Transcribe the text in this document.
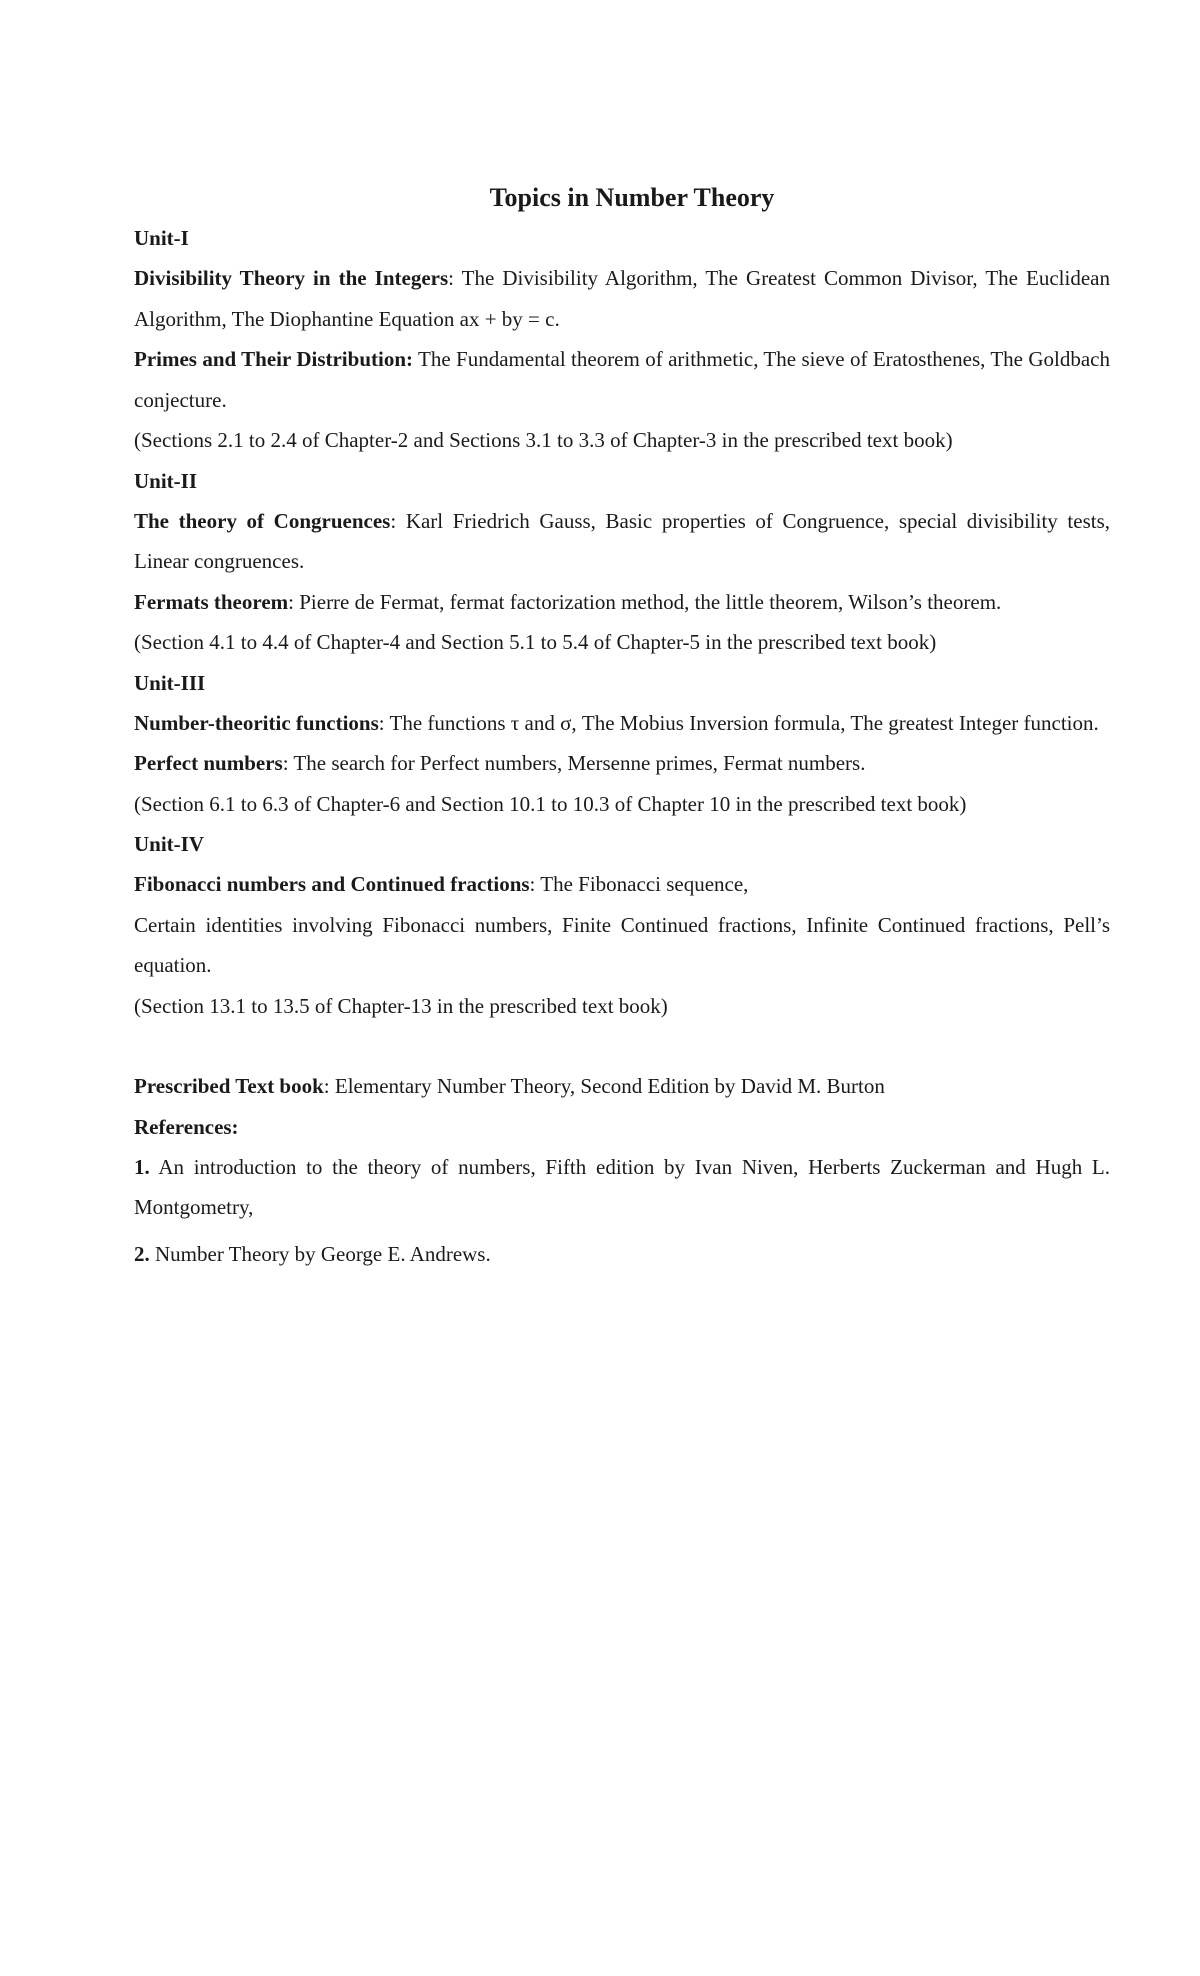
Topics in Number Theory

Unit-I

Divisibility Theory in the Integers: The Divisibility Algorithm, The Greatest Common Divisor, The Euclidean Algorithm, The Diophantine Equation ax + by = c.

Primes and Their Distribution: The Fundamental theorem of arithmetic, The sieve of Eratosthenes, The Goldbach conjecture.

(Sections 2.1 to 2.4 of Chapter-2 and Sections 3.1 to 3.3 of Chapter-3 in the prescribed text book)

Unit-II

The theory of Congruences: Karl Friedrich Gauss, Basic properties of Congruence, special divisibility tests, Linear congruences.

Fermats theorem: Pierre de Fermat, fermat factorization method, the little theorem, Wilson’s theorem.

(Section 4.1 to 4.4 of Chapter-4 and Section 5.1 to 5.4 of Chapter-5 in the prescribed text book)

Unit-III

Number-theoritic functions: The functions τ and σ, The Mobius Inversion formula, The greatest Integer function.

Perfect numbers: The search for Perfect numbers, Mersenne primes, Fermat numbers.

(Section 6.1 to 6.3 of Chapter-6 and Section 10.1 to 10.3 of Chapter 10 in the prescribed text book)

Unit-IV

Fibonacci numbers and Continued fractions: The Fibonacci sequence,

Certain identities involving Fibonacci numbers, Finite Continued fractions, Infinite Continued fractions, Pell’s equation.

(Section 13.1 to 13.5 of Chapter-13 in the prescribed text book)

Prescribed Text book: Elementary Number Theory, Second Edition by David M. Burton

References:

1. An introduction to the theory of numbers, Fifth edition by Ivan Niven, Herberts Zuckerman and Hugh L. Montgometry,

2. Number Theory by George E. Andrews.
